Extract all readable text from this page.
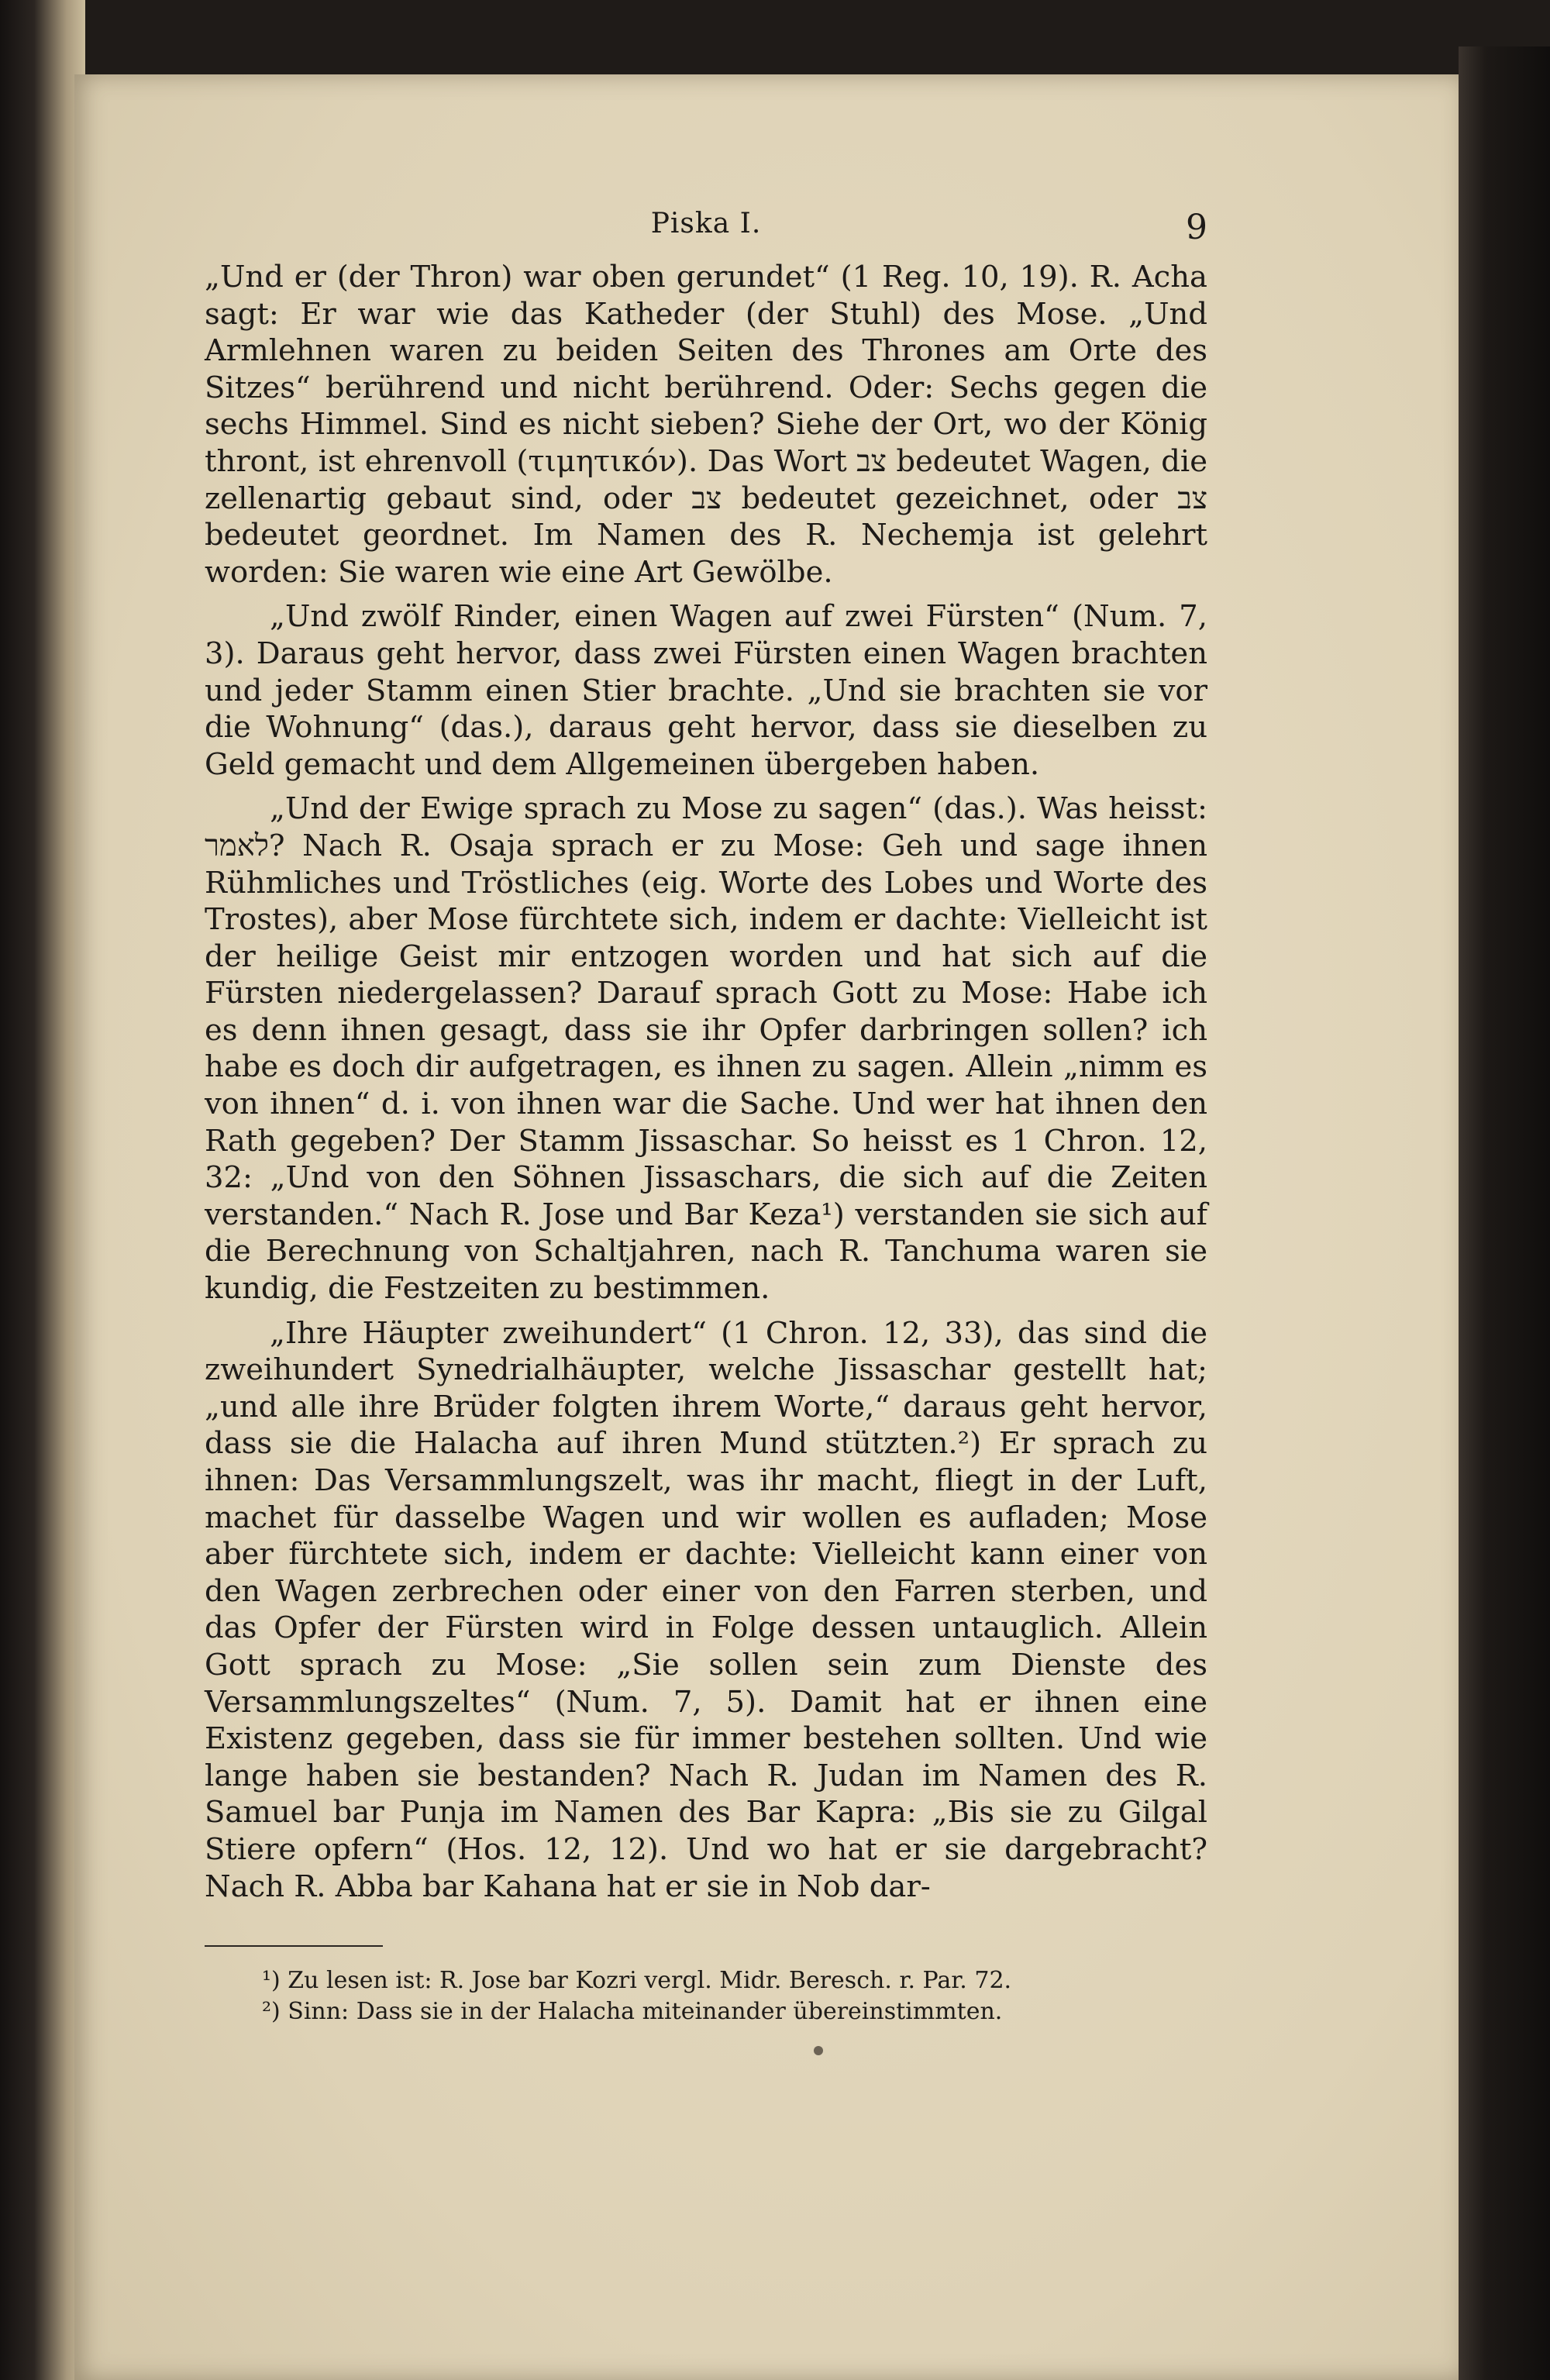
Piska I.	9

„Und er (der Thron) war oben gerundet“ (1 Reg. 10, 19). R. Acha sagt: Er war wie das Katheder (der Stuhl) des Mose. „Und Armlehnen waren zu beiden Seiten des Thrones am Orte des Sitzes“ berührend und nicht berührend. Oder: Sechs gegen die sechs Himmel. Sind es nicht sieben? Siehe der Ort, wo der König thront, ist ehrenvoll (τιμητικόν). Das Wort צב bedeutet Wagen, die zellenartig gebaut sind, oder צב bedeutet gezeichnet, oder צב bedeutet geordnet. Im Namen des R. Nechemja ist gelehrt worden: Sie waren wie eine Art Gewölbe.

„Und zwölf Rinder, einen Wagen auf zwei Fürsten“ (Num. 7, 3). Daraus geht hervor, dass zwei Fürsten einen Wagen brachten und jeder Stamm einen Stier brachte. „Und sie brachten sie vor die Wohnung“ (das.), daraus geht hervor, dass sie dieselben zu Geld gemacht und dem Allgemeinen übergeben haben.

„Und der Ewige sprach zu Mose zu sagen“ (das.). Was heisst: לאמר? Nach R. Osaja sprach er zu Mose: Geh und sage ihnen Rühmliches und Tröstliches (eig. Worte des Lobes und Worte des Trostes), aber Mose fürchtete sich, indem er dachte: Vielleicht ist der heilige Geist mir entzogen worden und hat sich auf die Fürsten niedergelassen? Darauf sprach Gott zu Mose: Habe ich es denn ihnen gesagt, dass sie ihr Opfer darbringen sollen? ich habe es doch dir aufgetragen, es ihnen zu sagen. Allein „nimm es von ihnen“ d. i. von ihnen war die Sache. Und wer hat ihnen den Rath gegeben? Der Stamm Jissaschar. So heisst es 1 Chron. 12, 32: „Und von den Söhnen Jissaschars, die sich auf die Zeiten verstanden.“ Nach R. Jose und Bar Keza¹) verstanden sie sich auf die Berechnung von Schaltjahren, nach R. Tanchuma waren sie kundig, die Festzeiten zu bestimmen.

„Ihre Häupter zweihundert“ (1 Chron. 12, 33), das sind die zweihundert Synedrialhäupter, welche Jissaschar gestellt hat; „und alle ihre Brüder folgten ihrem Worte,“ daraus geht hervor, dass sie die Halacha auf ihren Mund stützten.²) Er sprach zu ihnen: Das Versammlungszelt, was ihr macht, fliegt in der Luft, machet für dasselbe Wagen und wir wollen es aufladen; Mose aber fürchtete sich, indem er dachte: Vielleicht kann einer von den Wagen zerbrechen oder einer von den Farren sterben, und das Opfer der Fürsten wird in Folge dessen untauglich. Allein Gott sprach zu Mose: „Sie sollen sein zum Dienste des Versammlungszeltes“ (Num. 7, 5). Damit hat er ihnen eine Existenz gegeben, dass sie für immer bestehen sollten. Und wie lange haben sie bestanden? Nach R. Judan im Namen des R. Samuel bar Punja im Namen des Bar Kapra: „Bis sie zu Gilgal Stiere opfern“ (Hos. 12, 12). Und wo hat er sie dargebracht? Nach R. Abba bar Kahana hat er sie in Nob dar-

¹) Zu lesen ist: R. Jose bar Kozri vergl. Midr. Beresch. r. Par. 72.

²) Sinn: Dass sie in der Halacha miteinander übereinstimmten.
